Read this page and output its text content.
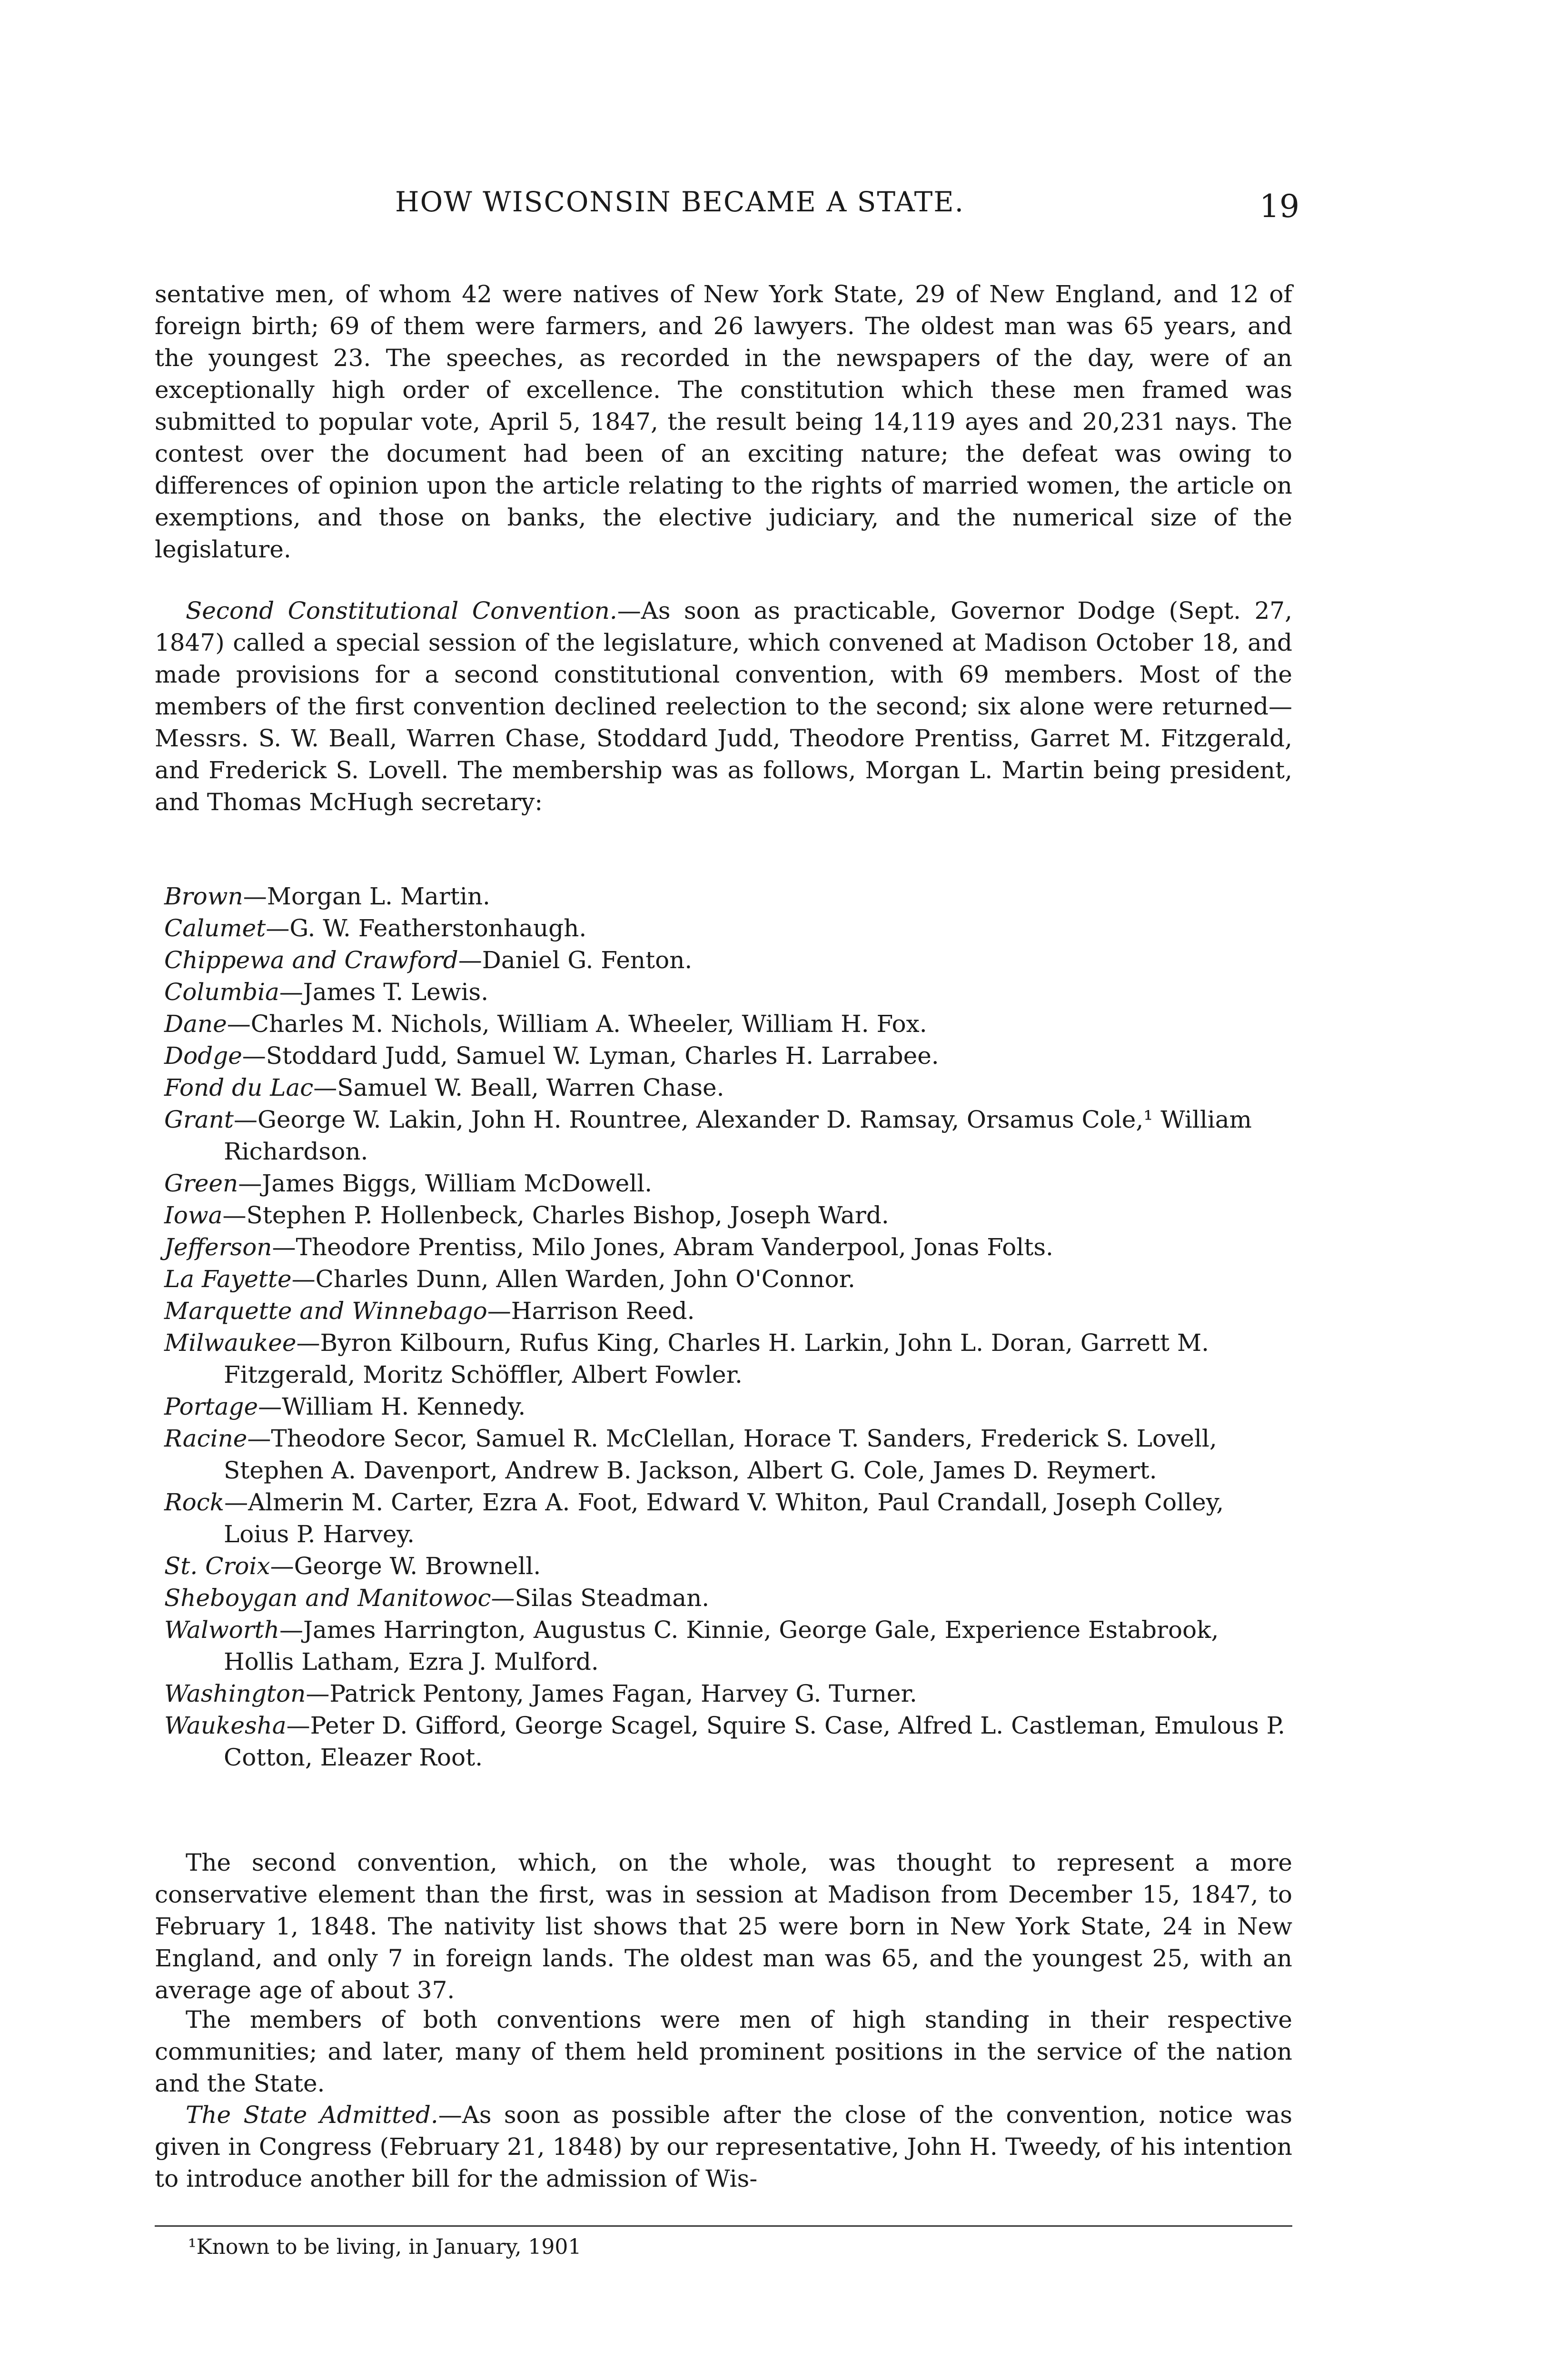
HOW WISCONSIN BECAME A STATE.	19

sentative men, of whom 42 were natives of New York State, 29 of New England, and 12 of foreign birth; 69 of them were farmers, and 26 lawyers. The oldest man was 65 years, and the youngest 23. The speeches, as recorded in the newspapers of the day, were of an exceptionally high order of excellence. The constitution which these men framed was submitted to popular vote, April 5, 1847, the result being 14,119 ayes and 20,231 nays. The contest over the document had been of an exciting nature; the defeat was owing to differences of opinion upon the article relating to the rights of married women, the article on exemptions, and those on banks, the elective judiciary, and the numerical size of the legislature.

Second Constitutional Convention.—As soon as practicable, Governor Dodge (Sept. 27, 1847) called a special session of the legislature, which convened at Madison October 18, and made provisions for a second constitutional convention, with 69 members. Most of the members of the first convention declined reelection to the second; six alone were returned—Messrs. S. W. Beall, Warren Chase, Stoddard Judd, Theodore Prentiss, Garret M. Fitzgerald, and Frederick S. Lovell. The membership was as follows, Morgan L. Martin being president, and Thomas McHugh secretary:

Brown—Morgan L. Martin.
Calumet—G. W. Featherstonhaugh.
Chippewa and Crawford—Daniel G. Fenton.
Columbia—James T. Lewis.
Dane—Charles M. Nichols, William A. Wheeler, William H. Fox.
Dodge—Stoddard Judd, Samuel W. Lyman, Charles H. Larrabee.
Fond du Lac—Samuel W. Beall, Warren Chase.
Grant—George W. Lakin, John H. Rountree, Alexander D. Ramsay, Orsamus Cole,¹ William Richardson.
Green—James Biggs, William McDowell.
Iowa—Stephen P. Hollenbeck, Charles Bishop, Joseph Ward.
Jefferson—Theodore Prentiss, Milo Jones, Abram Vanderpool, Jonas Folts.
La Fayette—Charles Dunn, Allen Warden, John O'Connor.
Marquette and Winnebago—Harrison Reed.
Milwaukee—Byron Kilbourn, Rufus King, Charles H. Larkin, John L. Doran, Garrett M. Fitzgerald, Moritz Schöffler, Albert Fowler.
Portage—William H. Kennedy.
Racine—Theodore Secor, Samuel R. McClellan, Horace T. Sanders, Frederick S. Lovell, Stephen A. Davenport, Andrew B. Jackson, Albert G. Cole, James D. Reymert.
Rock—Almerin M. Carter, Ezra A. Foot, Edward V. Whiton, Paul Crandall, Joseph Colley, Loius P. Harvey.
St. Croix—George W. Brownell.
Sheboygan and Manitowoc—Silas Steadman.
Walworth—James Harrington, Augustus C. Kinnie, George Gale, Experience Estabrook, Hollis Latham, Ezra J. Mulford.
Washington—Patrick Pentony, James Fagan, Harvey G. Turner.
Waukesha—Peter D. Gifford, George Scagel, Squire S. Case, Alfred L. Castleman, Emulous P. Cotton, Eleazer Root.

The second convention, which, on the whole, was thought to represent a more conservative element than the first, was in session at Madison from December 15, 1847, to February 1, 1848. The nativity list shows that 25 were born in New York State, 24 in New England, and only 7 in foreign lands. The oldest man was 65, and the youngest 25, with an average age of about 37.

The members of both conventions were men of high standing in their respective communities; and later, many of them held prominent positions in the service of the nation and the State.

The State Admitted.—As soon as possible after the close of the convention, notice was given in Congress (February 21, 1848) by our representative, John H. Tweedy, of his intention to introduce another bill for the admission of Wis-

¹Known to be living, in January, 1901
